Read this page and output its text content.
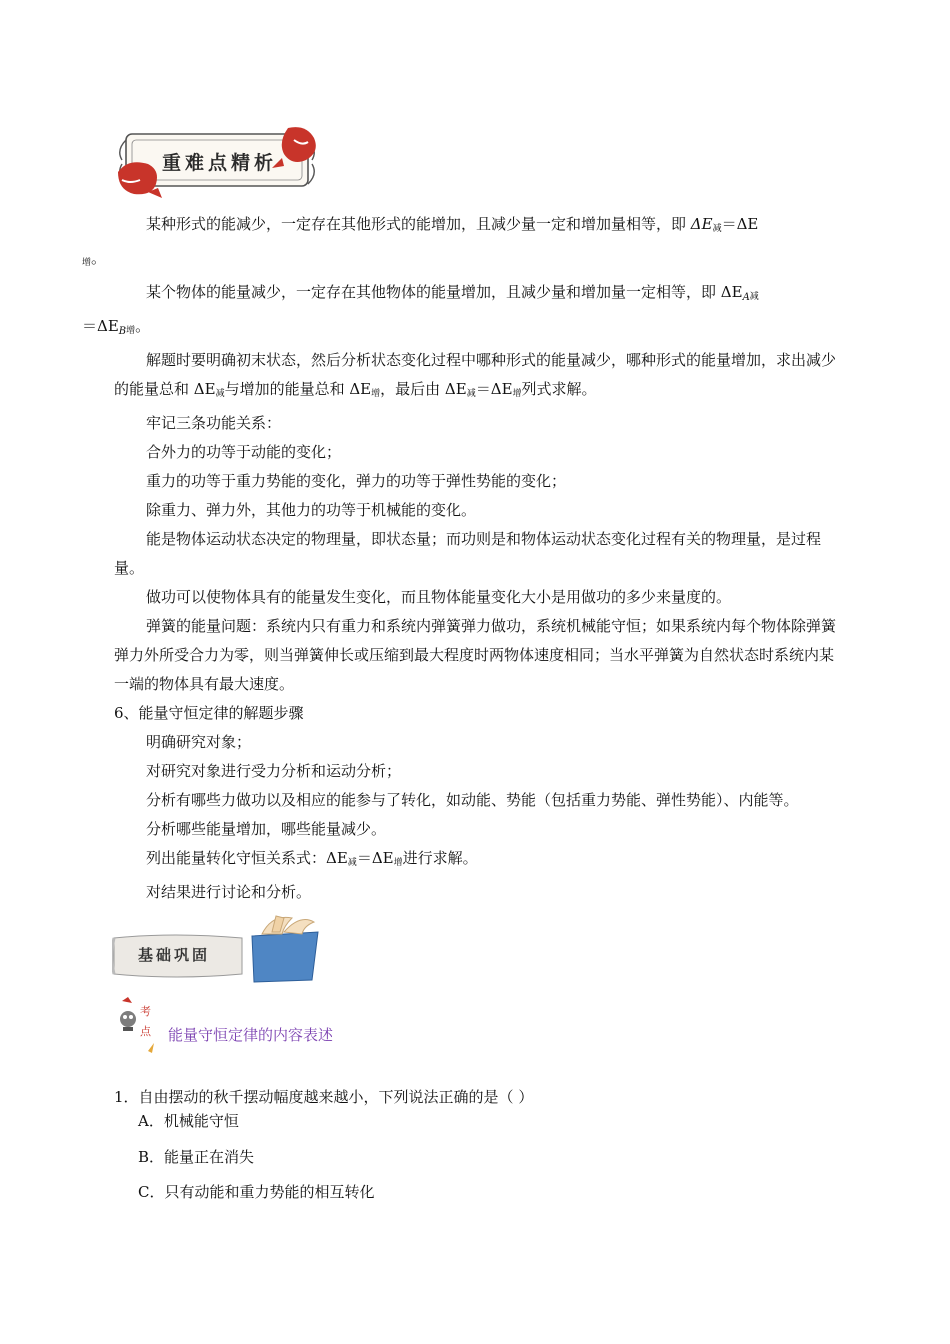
重难点精析

某种形式的能减少，一定存在其他形式的能增加，且减少量一定和增加量相等，即 $\Delta E_减=\Delta E$
$_增$。

某个物体的能量减少，一定存在其他物体的能量增加，且减少量和增加量一定相等，即 $\Delta E_{A减}$
$=\Delta E_{B增}$。

解题时要明确初末状态，然后分析状态变化过程中哪种形式的能量减少，哪种形式的能量增加，求出减少的能量总和 $\Delta E_减$与增加的能量总和 $\Delta E_增$，最后由 $\Delta E_减=\Delta E_增$列式求解。

牢记三条功能关系：

合外力的功等于动能的变化；

重力的功等于重力势能的变化，弹力的功等于弹性势能的变化；

除重力、弹力外，其他力的功等于机械能的变化。

能是物体运动状态决定的物理量，即状态量；而功则是和物体运动状态变化过程有关的物理量，是过程量。

做功可以使物体具有的能量发生变化，而且物体能量变化大小是用做功的多少来量度的。

弹簧的能量问题：系统内只有重力和系统内弹簧弹力做功，系统机械能守恒；如果系统内每个物体除弹簧弹力外所受合力为零，则当弹簧伸长或压缩到最大程度时两物体速度相同；当水平弹簧为自然状态时系统内某一端的物体具有最大速度。

6、能量守恒定律的解题步骤

明确研究对象；

对研究对象进行受力分析和运动分析；

分析有哪些力做功以及相应的能参与了转化，如动能、势能（包括重力势能、弹性势能）、内能等。

分析哪些能量增加，哪些能量减少。

列出能量转化守恒关系式：$\Delta E_减=\Delta E_增$进行求解。

对结果进行讨论和分析。

基础巩固
考
点 能量守恒定律的内容表述
1．自由摆动的秋千摆动幅度越来越小，下列说法正确的是（ ）
A．机械能守恒
B．能量正在消失
C．只有动能和重力势能的相互转化
